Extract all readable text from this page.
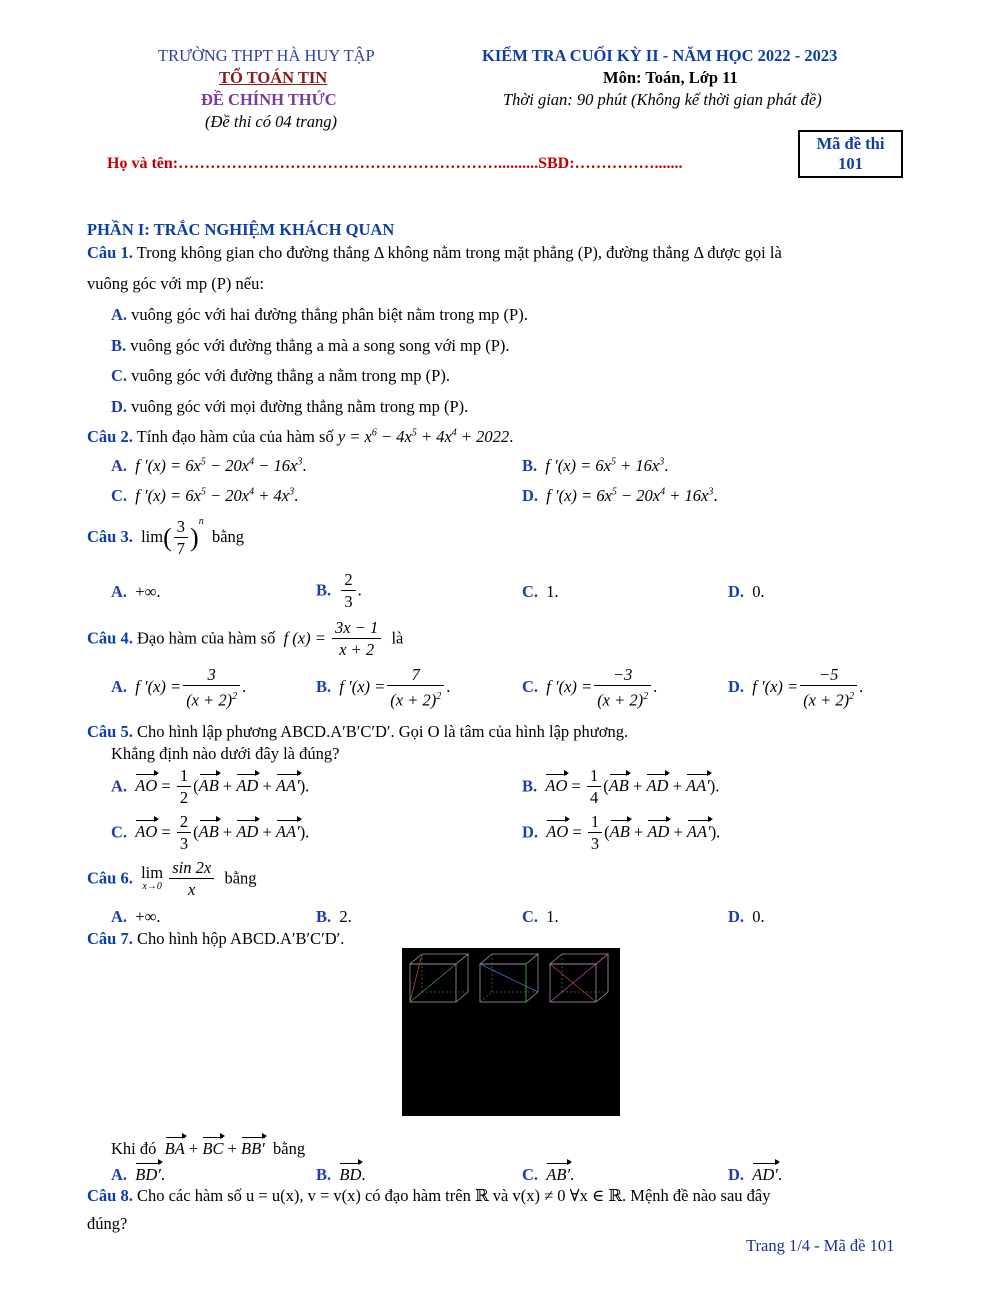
TRƯỜNG THPT HÀ HUY TẬP
TỔ TOÁN TIN
ĐỀ CHÍNH THỨC
(Đề thi có 04 trang)
KIỂM TRA CUỐI KỲ II - NĂM HỌC 2022 - 2023
Môn: Toán, Lớp 11
Thời gian: 90 phút (Không kể thời gian phát đề)
Mã đề thi
101
Họ và tên:……………………………………………………..........SBD:…………….......
PHẦN I: TRẮC NGHIỆM KHÁCH QUAN
Câu 1. Trong không gian cho đường thẳng Δ không nằm trong mặt phẳng (P), đường thẳng Δ được gọi là
vuông góc với mp (P) nếu:
A. vuông góc với hai đường thẳng phân biệt nằm trong mp (P).
B. vuông góc với đường thẳng a mà a song song với mp (P).
C. vuông góc với đường thẳng a nằm trong mp (P).
D. vuông góc với mọi đường thẳng nằm trong mp (P).
Câu 2. Tính đạo hàm của của hàm số $y = x^6 - 4x^5 + 4x^4 + 2022$.
A. f $'(x) = 6x^5 - 20x^4 - 16x^3$.	B. f $'(x) = 6x^5 + 16x^3$.
C. f $'(x) = 6x^5 - 20x^4 + 4x^3$.	D. f $'(x) = 6x^5 - 20x^4 + 16x^3$.
Câu 3.  $\lim( \frac{3}{7} )^n$  bằng
A. +∞.	B. $\frac{2}{3}$ .	C. 1.	D. 0.
Câu 4. Đạo hàm của hàm số f $(x) = \frac{3x - 1}{x + 2}$ là
A. f $'(x) = \frac{3}{(x + 2)^2}$ .	B. f $'(x) = \frac{7}{(x + 2)^2}$ .	C. f $'(x) = \frac{-3}{(x + 2)^2}$ .	D. f $'(x) = \frac{-5}{(x + 2)^2}$ .
Câu 5. Cho hình lập phương ABCD.A′B′C′D′. Gọi O là tâm của hình lập phương.
Khẳng định nào dưới đây là đúng?
A. AO = $\frac{1}{2} (AB$ + AD + AA′).	B. AO = $\frac{1}{4} (AB$ + AD + AA′).
C. AO = $\frac{2}{3} (AB$ + AD + AA′).	D. AO = $\frac{1}{3} (AB$ + AD + AA′).
Câu 6. lim
x→0
$\frac{\sin 2x}{x}$ bằng
A. +∞.	B. 2.	C. 1.	D. 0.
Câu 7. Cho hình hộp ABCD.A′B′C′D′.
Khi đó BA + BC + BB′ bằng
A. BD′.	B. BD.	C. AB′.	D. AD′.
Câu 8. Cho các hàm số u = u(x), v = v(x) có đạo hàm trên ℝ và v(x) ≠ 0 ∀x ∈ ℝ. Mệnh đề nào sau đây
đúng?
Trang 1/4 - Mã đề 101
